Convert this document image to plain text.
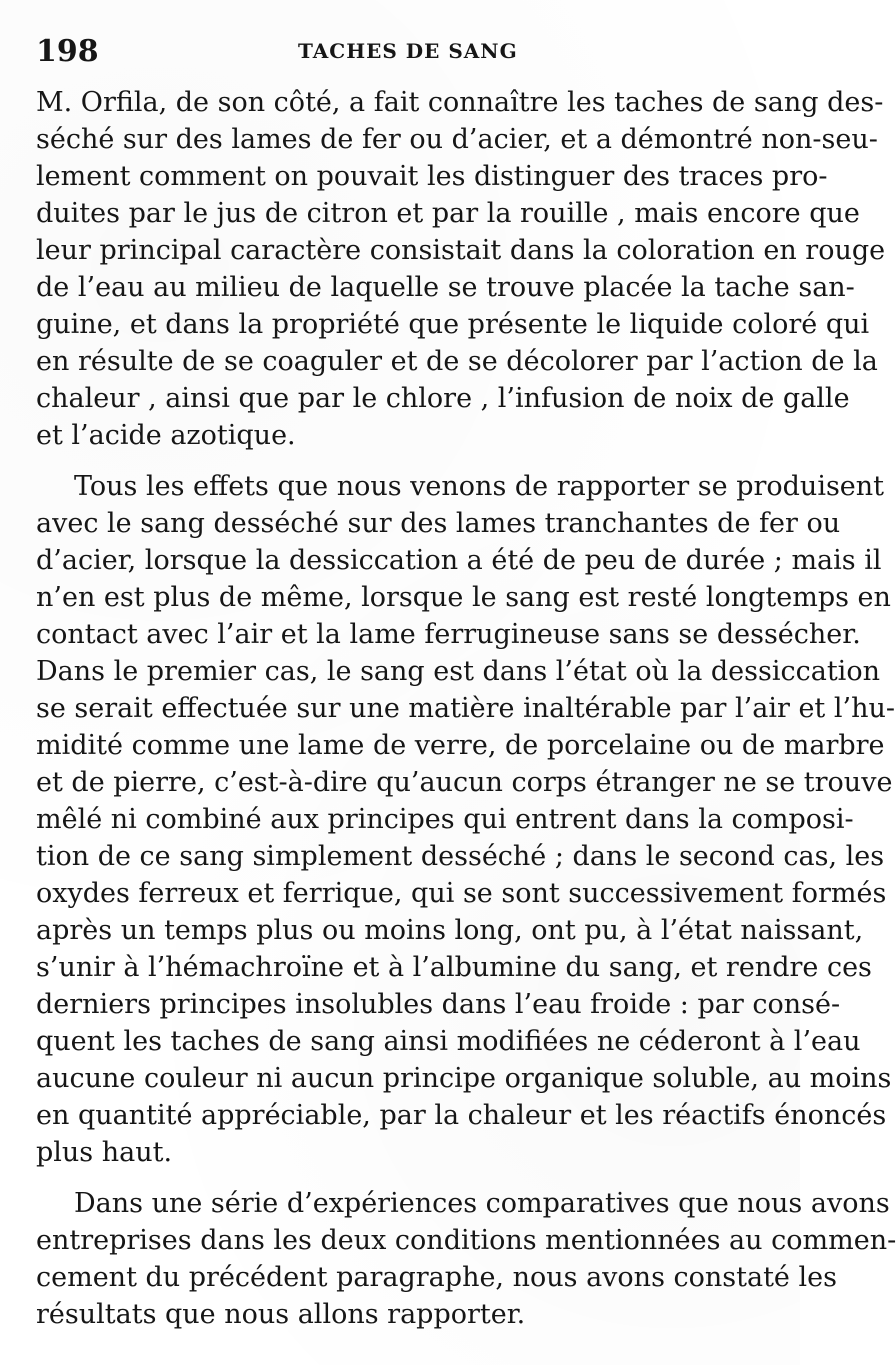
198	TACHES DE SANG
M. Orfila, de son côté, a fait connaître les taches de sang des-
séché sur des lames de fer ou d’acier, et a démontré non-seu-
lement comment on pouvait les distinguer des traces pro-
duites par le jus de citron et par la rouille , mais encore que
leur principal caractère consistait dans la coloration en rouge
de l’eau au milieu de laquelle se trouve placée la tache san-
guine, et dans la propriété que présente le liquide coloré qui
en résulte de se coaguler et de se décolorer par l’action de la
chaleur , ainsi que par le chlore , l’infusion de noix de galle
et l’acide azotique.
Tous les effets que nous venons de rapporter se produisent
avec le sang desséché sur des lames tranchantes de fer ou
d’acier, lorsque la dessiccation a été de peu de durée ; mais il
n’en est plus de même, lorsque le sang est resté longtemps en
contact avec l’air et la lame ferrugineuse sans se dessécher.
Dans le premier cas, le sang est dans l’état où la dessiccation
se serait effectuée sur une matière inaltérable par l’air et l’hu-
midité comme une lame de verre, de porcelaine ou de marbre
et de pierre, c’est-à-dire qu’aucun corps étranger ne se trouve
mêlé ni combiné aux principes qui entrent dans la composi-
tion de ce sang simplement desséché ; dans le second cas, les
oxydes ferreux et ferrique, qui se sont successivement formés
après un temps plus ou moins long, ont pu, à l’état naissant,
s’unir à l’hémachroïne et à l’albumine du sang, et rendre ces
derniers principes insolubles dans l’eau froide : par consé-
quent les taches de sang ainsi modifiées ne céderont à l’eau
aucune couleur ni aucun principe organique soluble, au moins
en quantité appréciable, par la chaleur et les réactifs énoncés
plus haut.
Dans une série d’expériences comparatives que nous avons
entreprises dans les deux conditions mentionnées au commen-
cement du précédent paragraphe, nous avons constaté les
résultats que nous allons rapporter.
